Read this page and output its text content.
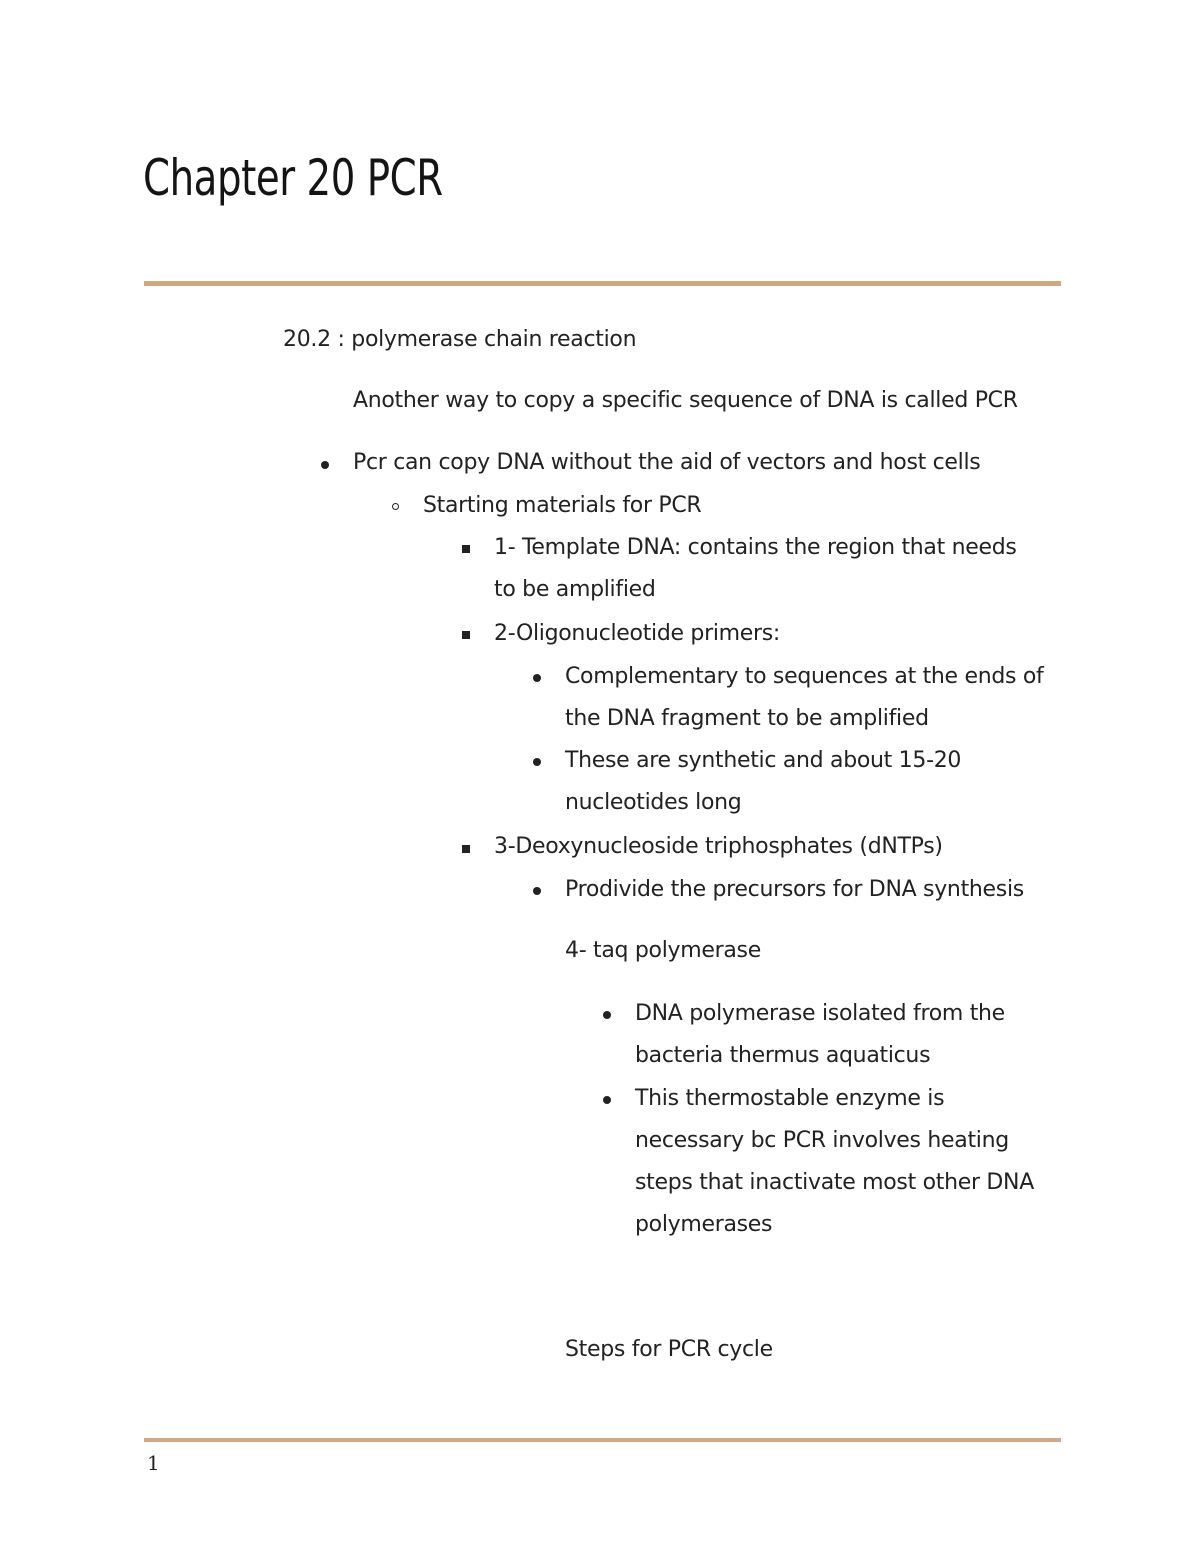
Chapter 20 PCR
20.2 : polymerase chain reaction
Another way to copy a specific sequence of DNA is called PCR
Pcr can copy DNA without the aid of vectors and host cells
Starting materials for PCR
1- Template DNA: contains the region that needs
to be amplified
2-Oligonucleotide primers:
Complementary to sequences at the ends of
the DNA fragment to be amplified
These are synthetic and about 15-20
nucleotides long
3-Deoxynucleoside triphosphates (dNTPs)
Prodivide the precursors for DNA synthesis
4- taq polymerase
DNA polymerase isolated from the
bacteria thermus aquaticus
This thermostable enzyme is
necessary bc PCR involves heating
steps that inactivate most other DNA
polymerases
Steps for PCR cycle
1
